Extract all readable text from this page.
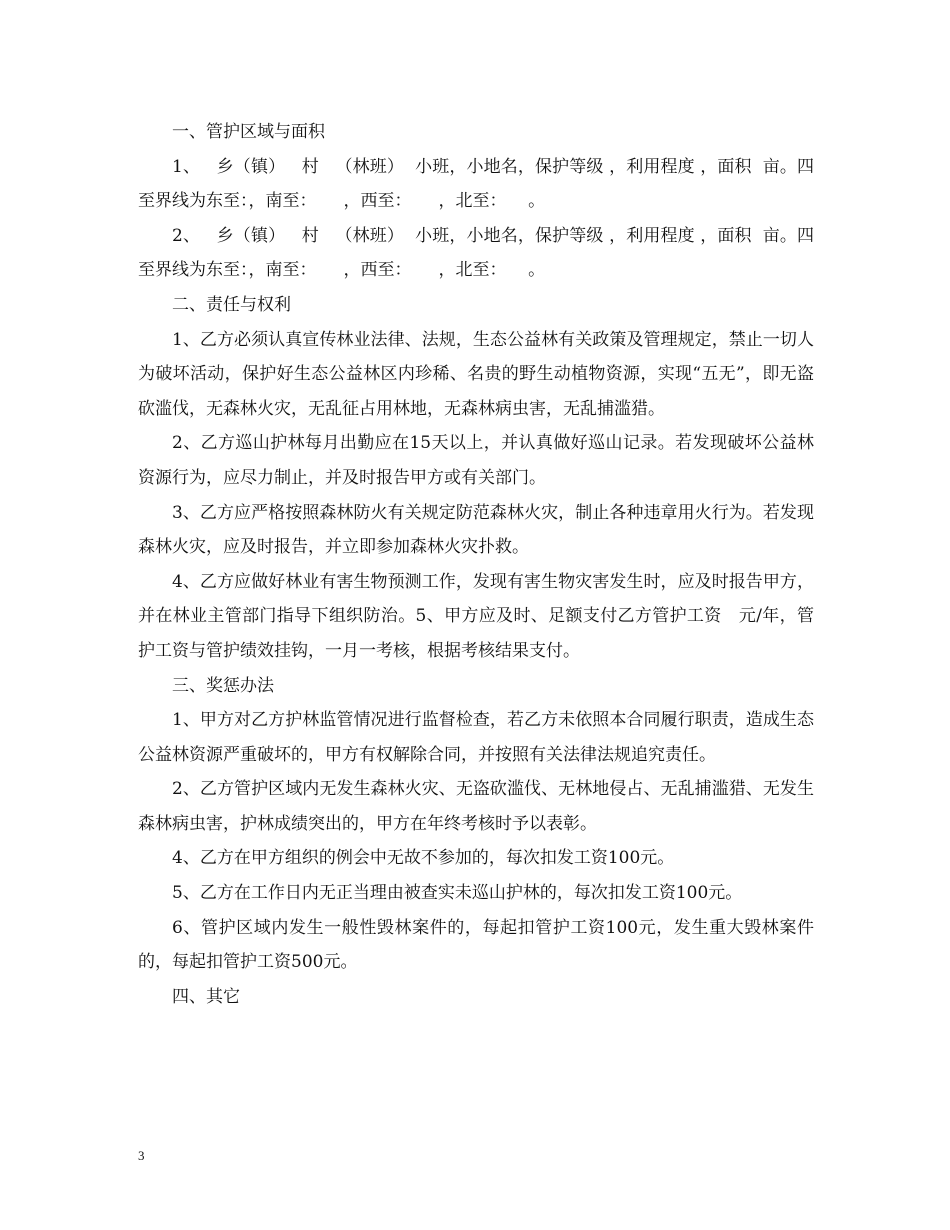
一、管护区域与面积

1、   乡（镇）   村   （林班）  小班，小地名，保护等级 ，利用程度 ，面积  亩。四至界线为东至：，南至：     ，西至：     ，北至：    。

2、   乡（镇）   村   （林班）  小班，小地名，保护等级 ，利用程度 ，面积  亩。四至界线为东至：，南至：     ，西至：     ，北至：    。

二、责任与权利

1、乙方必须认真宣传林业法律、法规，生态公益林有关政策及管理规定，禁止一切人为破坏活动，保护好生态公益林区内珍稀、名贵的野生动植物资源，实现“五无”，即无盗砍滥伐，无森林火灾，无乱征占用林地，无森林病虫害，无乱捕滥猎。

2、乙方巡山护林每月出勤应在15天以上，并认真做好巡山记录。若发现破坏公益林资源行为，应尽力制止，并及时报告甲方或有关部门。

3、乙方应严格按照森林防火有关规定防范森林火灾，制止各种违章用火行为。若发现森林火灾，应及时报告，并立即参加森林火灾扑救。

4、乙方应做好林业有害生物预测工作，发现有害生物灾害发生时，应及时报告甲方，并在林业主管部门指导下组织防治。5、甲方应及时、足额支付乙方管护工资   元/年，管护工资与管护绩效挂钩，一月一考核，根据考核结果支付。

三、奖惩办法

1、甲方对乙方护林监管情况进行监督检查，若乙方未依照本合同履行职责，造成生态公益林资源严重破坏的，甲方有权解除合同，并按照有关法律法规追究责任。

2、乙方管护区域内无发生森林火灾、无盗砍滥伐、无林地侵占、无乱捕滥猎、无发生森林病虫害，护林成绩突出的，甲方在年终考核时予以表彰。

4、乙方在甲方组织的例会中无故不参加的，每次扣发工资100元。

5、乙方在工作日内无正当理由被查实未巡山护林的，每次扣发工资100元。

6、管护区域内发生一般性毁林案件的，每起扣管护工资100元，发生重大毁林案件的，每起扣管护工资500元。

四、其它

3
